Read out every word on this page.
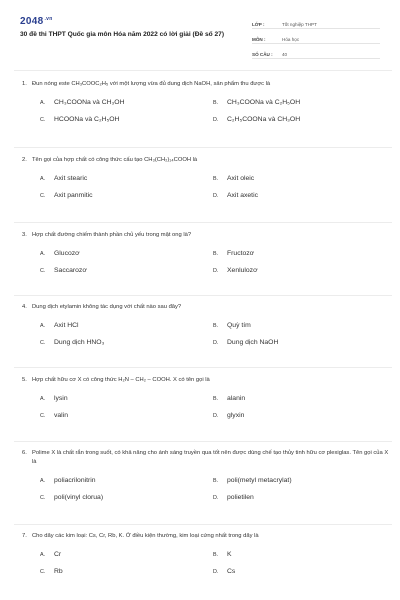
$2048^{.vn}$
30 đề thi THPT Quốc gia môn Hóa năm 2022 có lời giải (Đề số 27)
LỚP :	Tốt nghiệp THPT
MÔN :	Hóa học
SỐ CÂU :	40
1. Đun nóng este CH₃COOC₂H₅ với một lượng vừa đủ dung dịch NaOH, sản phẩm thu được là
A. CH₃COONa và CH₃OH	B. CH₃COONa và C₂H₅OH
C. HCOONa và C₂H₅OH	D. C₂H₅COONa và CH₃OH
2. Tên gọi của hợp chất có công thức cấu tạo CH₃(CH₂)₁₄COOH là
A. Axit stearic	B. Axit oleic
C. Axit panmitic	D. Axit axetic
3. Hợp chất đường chiếm thành phần chủ yếu trong mật ong là?
A. Glucozơ	B. Fructozơ
C. Saccarozơ	D. Xenlulozơ
4. Dung dịch etylamin không tác dụng với chất nào sau đây?
A. Axit HCl	B. Quỳ tím
C. Dung dịch HNO₃	D. Dung dịch NaOH
5. Hợp chất hữu cơ X có công thức H₂N – CH₂ – COOH. X có tên gọi là
A. lysin	B. alanin
C. valin	D. glyxin
6. Polime X là chất rắn trong suốt, có khả năng cho ánh sáng truyền qua tốt nên được dùng chế tạo thủy tinh hữu cơ plexiglas. Tên gọi của X là
A. poliacrilonitrin	B. poli(metyl metacrylat)
C. poli(vinyl clorua)	D. polietilen
7. Cho dãy các kim loại: Cs, Cr, Rb, K. Ở điều kiện thường, kim loại cứng nhất trong dãy là
A. Cr	B. K
C. Rb	D. Cs
